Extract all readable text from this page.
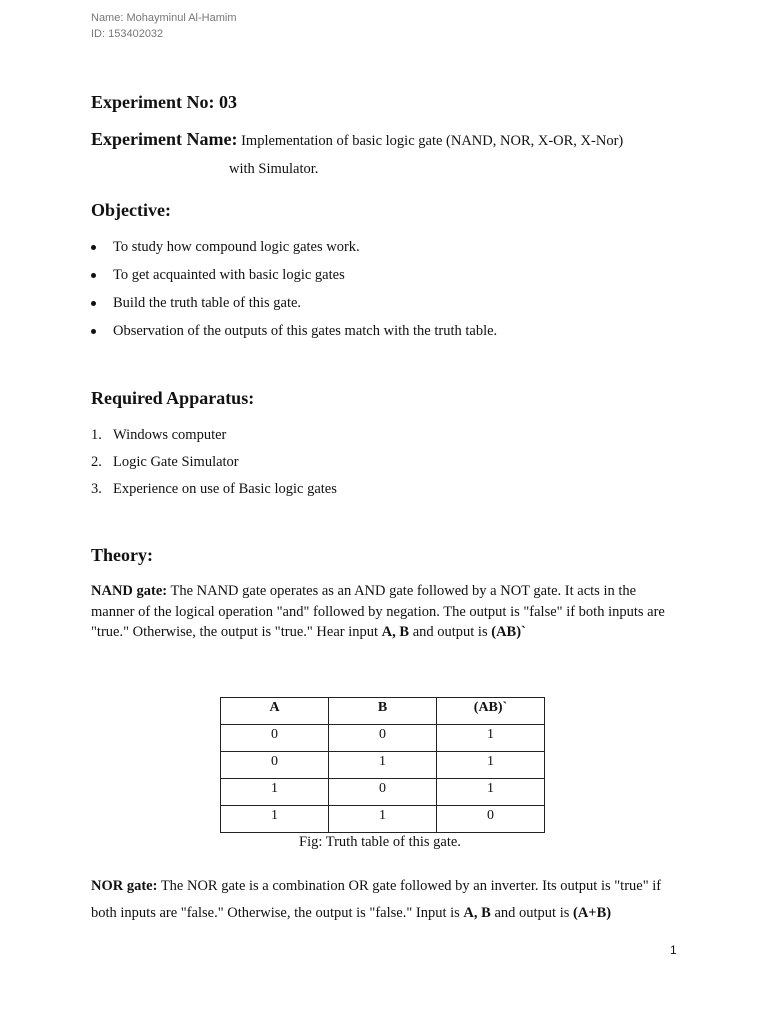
Name: Mohayminul Al-Hamim
ID: 153402032
Experiment No: 03
Experiment Name: Implementation of basic logic gate (NAND, NOR, X-OR, X-Nor)
with Simulator.
Objective:
To study how compound logic gates work.
To get acquainted with basic logic gates
Build the truth table of this gate.
Observation of the outputs of this gates match with the truth table.
Required Apparatus:
1. Windows computer
2. Logic Gate Simulator
3. Experience on use of Basic logic gates
Theory:
NAND gate: The NAND gate operates as an AND gate followed by a NOT gate. It acts in the manner of the logical operation "and" followed by negation. The output is "false" if both inputs are "true." Otherwise, the output is "true." Hear input A, B and output is (AB)`
A	B	(AB)`
0	0	1
0	1	1
1	0	1
1	1	0
Fig: Truth table of this gate.
NOR gate: The NOR gate is a combination OR gate followed by an inverter. Its output is "true" if both inputs are "false." Otherwise, the output is "false." Input is A, B and output is (A+B)
1
